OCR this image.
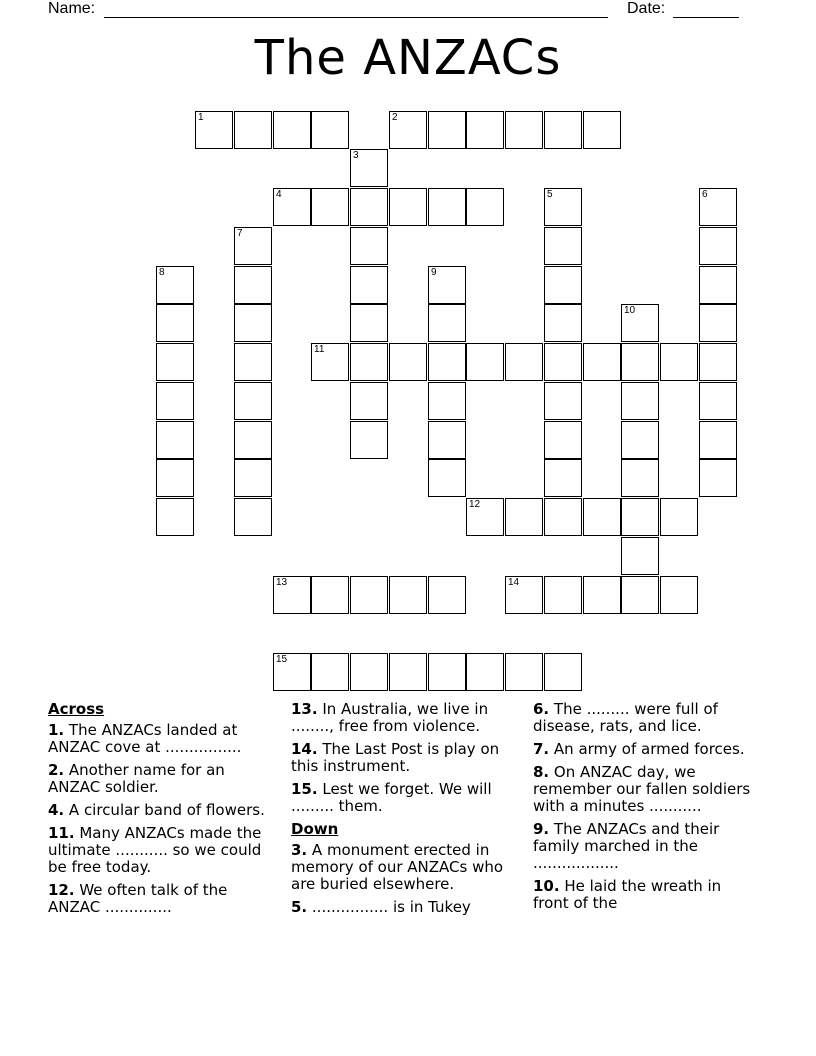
Name:	Date:
The ANZACs
1	2
3
4	5	6
7
8	9
10
11
12
13	14
15
Across
1. The ANZACs landed at ANZAC cove at ................
2. Another name for an ANZAC soldier.
4. A circular band of flowers.
11. Many ANZACs made the ultimate ........... so we could be free today.
12. We often talk of the ANZAC ..............
13. In Australia, we live in ........, free from violence.
14. The Last Post is play on this instrument.
15. Lest we forget. We will ......... them.
Down
3. A monument erected in memory of our ANZACs who are buried elsewhere.
5. ................ is in Tukey
6. The ......... were full of disease, rats, and lice.
7. An army of armed forces.
8. On ANZAC day, we remember our fallen soldiers with a minutes ...........
9. The ANZACs and their family marched in the ..................
10. He laid the wreath in front of the
